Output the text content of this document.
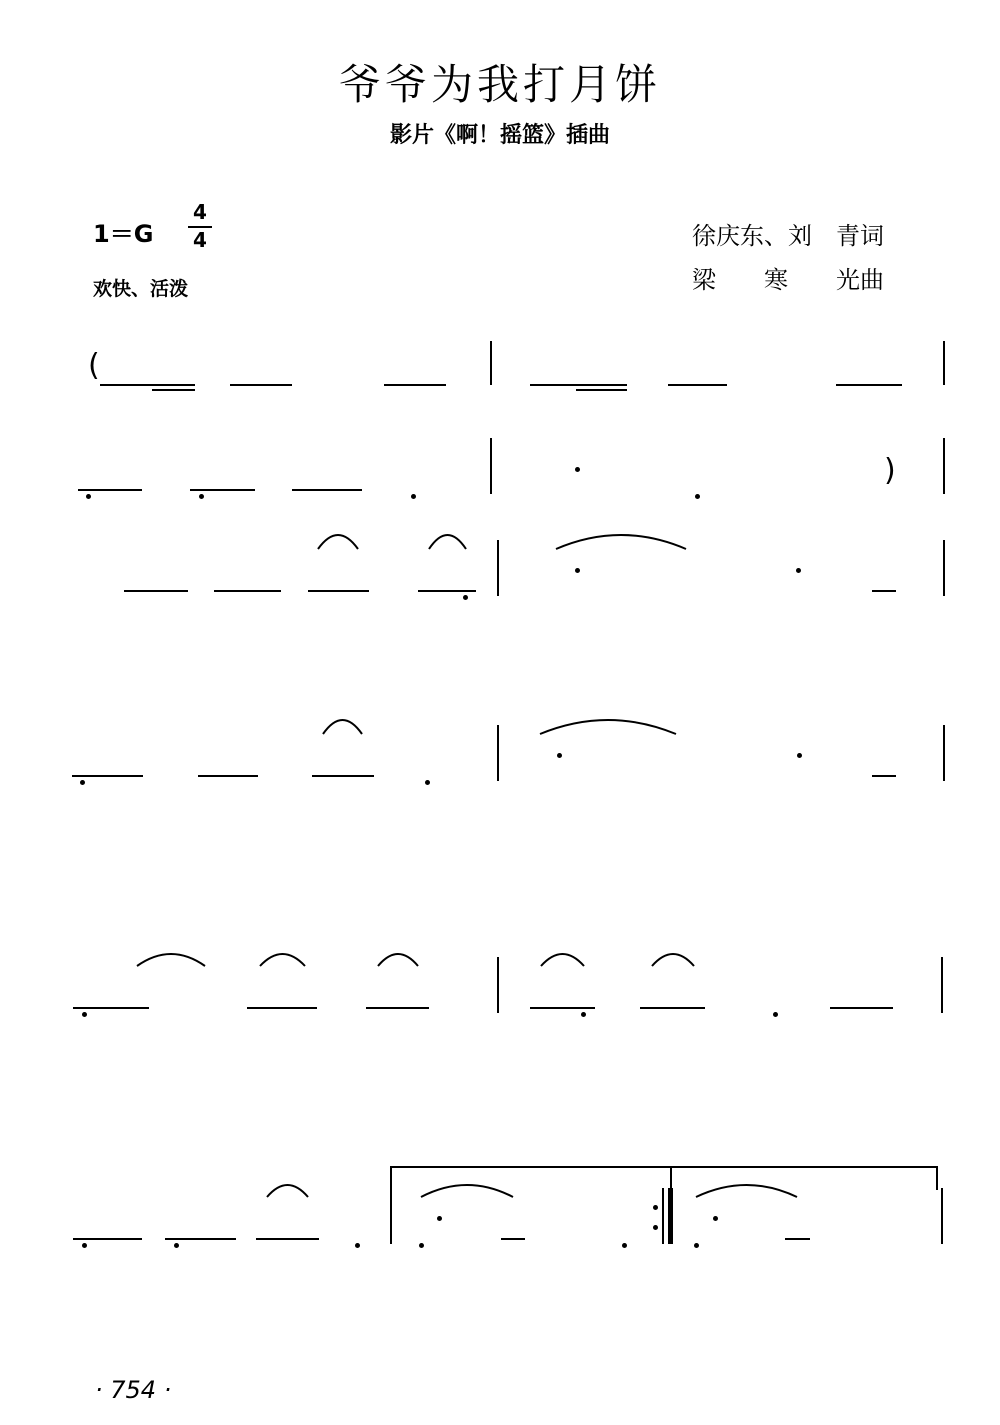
爷爷为我打月饼
影片《啊！摇篮》插曲
1＝G
4
4
欢快、活泼
徐庆东、刘　青词
梁　　寒　　光曲
(
)
· 754 ·
